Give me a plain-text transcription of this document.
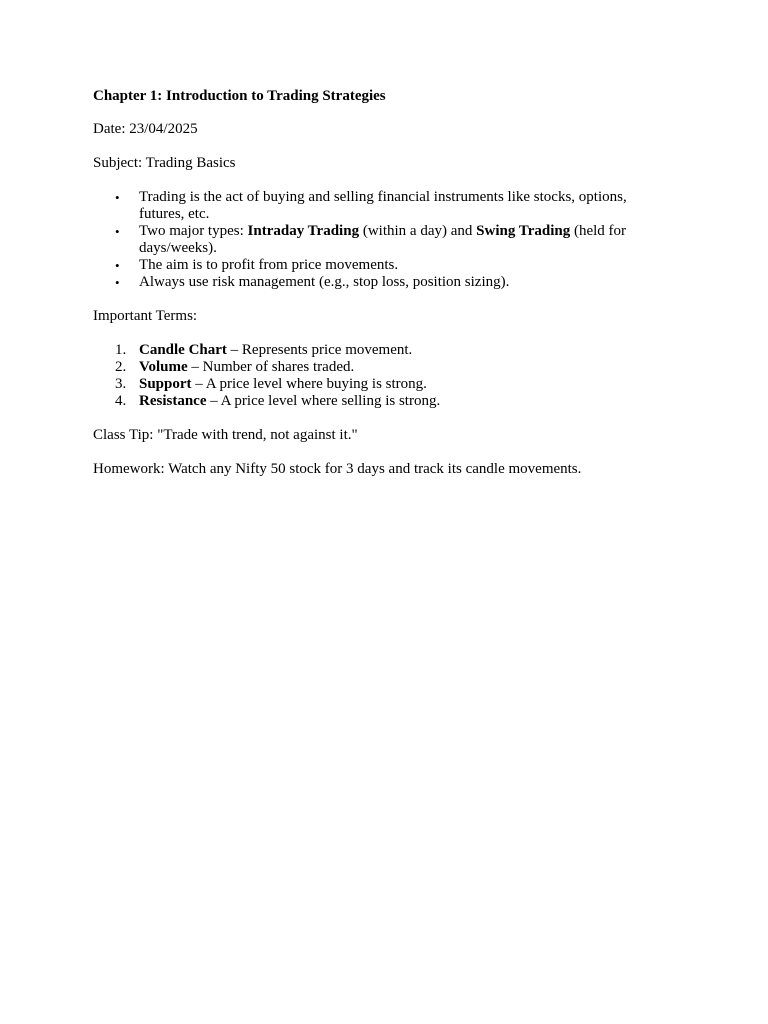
Chapter 1: Introduction to Trading Strategies

Date: 23/04/2025

Subject: Trading Basics

• Trading is the act of buying and selling financial instruments like stocks, options, futures, etc.
• Two major types: Intraday Trading (within a day) and Swing Trading (held for days/weeks).
• The aim is to profit from price movements.
• Always use risk management (e.g., stop loss, position sizing).

Important Terms:

1. Candle Chart – Represents price movement.
2. Volume – Number of shares traded.
3. Support – A price level where buying is strong.
4. Resistance – A price level where selling is strong.

Class Tip: "Trade with trend, not against it."

Homework: Watch any Nifty 50 stock for 3 days and track its candle movements.
